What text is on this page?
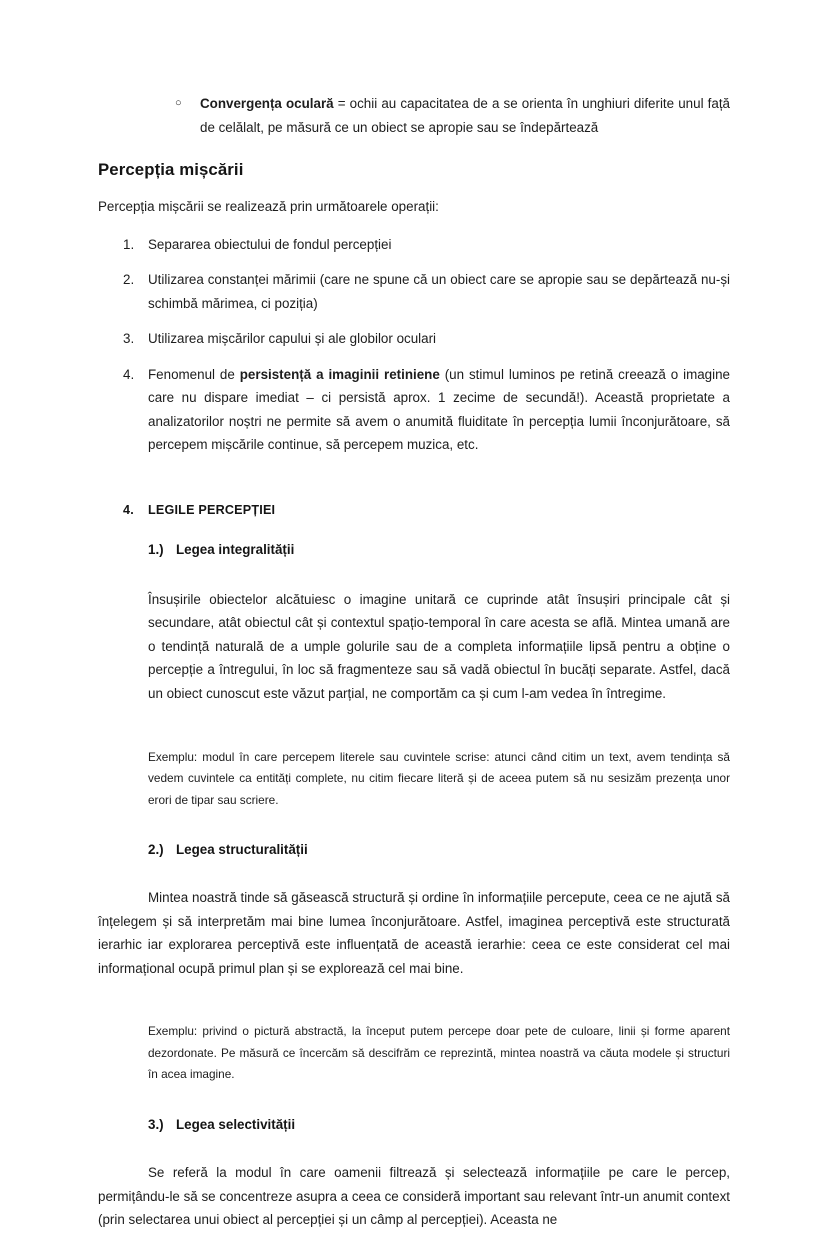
○ Convergența oculară = ochii au capacitatea de a se orienta în unghiuri diferite unul față de celălalt, pe măsură ce un obiect se apropie sau se îndepărtează
Percepția mișcării

Percepția mișcării se realizează prin următoarele operații:

1.	Separarea obiectului de fondul percepției
2.	Utilizarea constanței mărimii (care ne spune că un obiect care se apropie sau se depărtează nu-și schimbă mărimea, ci poziția)
3.	Utilizarea mișcărilor capului și ale globilor oculari
4.	Fenomenul de persistență a imaginii retiniene (un stimul luminos pe retină creează o imagine care nu dispare imediat – ci persistă aprox. 1 zecime de secundă!). Această proprietate a analizatorilor noștri ne permite să avem o anumită fluiditate în percepția lumii înconjurătoare, să percepem mișcările continue, să percepem muzica, etc.
4. LEGILE PERCEPȚIEI
1.) Legea integralității

Însușirile obiectelor alcătuiesc o imagine unitară ce cuprinde atât însușiri principale cât și secundare, atât obiectul cât și contextul spațio-temporal în care acesta se află. Mintea umană are o tendință naturală de a umple golurile sau de a completa informațiile lipsă pentru a obține o percepție a întregului, în loc să fragmenteze sau să vadă obiectul în bucăți separate. Astfel, dacă un obiect cunoscut este văzut parțial, ne comportăm ca și cum l-am vedea în întregime.

Exemplu: modul în care percepem literele sau cuvintele scrise: atunci când citim un text, avem tendința să vedem cuvintele ca entități complete, nu citim fiecare literă și de aceea putem să nu sesizăm prezența unor erori de tipar sau scriere.

2.) Legea structuralității

Mintea noastră tinde să găsească structură și ordine în informațiile percepute, ceea ce ne ajută să înțelegem și să interpretăm mai bine lumea înconjurătoare. Astfel, imaginea perceptivă este structurată ierarhic iar explorarea perceptivă este influențată de această ierarhie: ceea ce este considerat cel mai informațional ocupă primul plan și se explorează cel mai bine.

Exemplu: privind o pictură abstractă, la început putem percepe doar pete de culoare, linii și forme aparent dezordonate. Pe măsură ce încercăm să descifrăm ce reprezintă, mintea noastră va căuta modele și structuri în acea imagine.

3.) Legea selectivității

Se referă la modul în care oamenii filtrează și selectează informațiile pe care le percep, permițându-le să se concentreze asupra a ceea ce consideră important sau relevant într-un anumit context (prin selectarea unui obiect al percepției și un câmp al percepției). Aceasta ne
